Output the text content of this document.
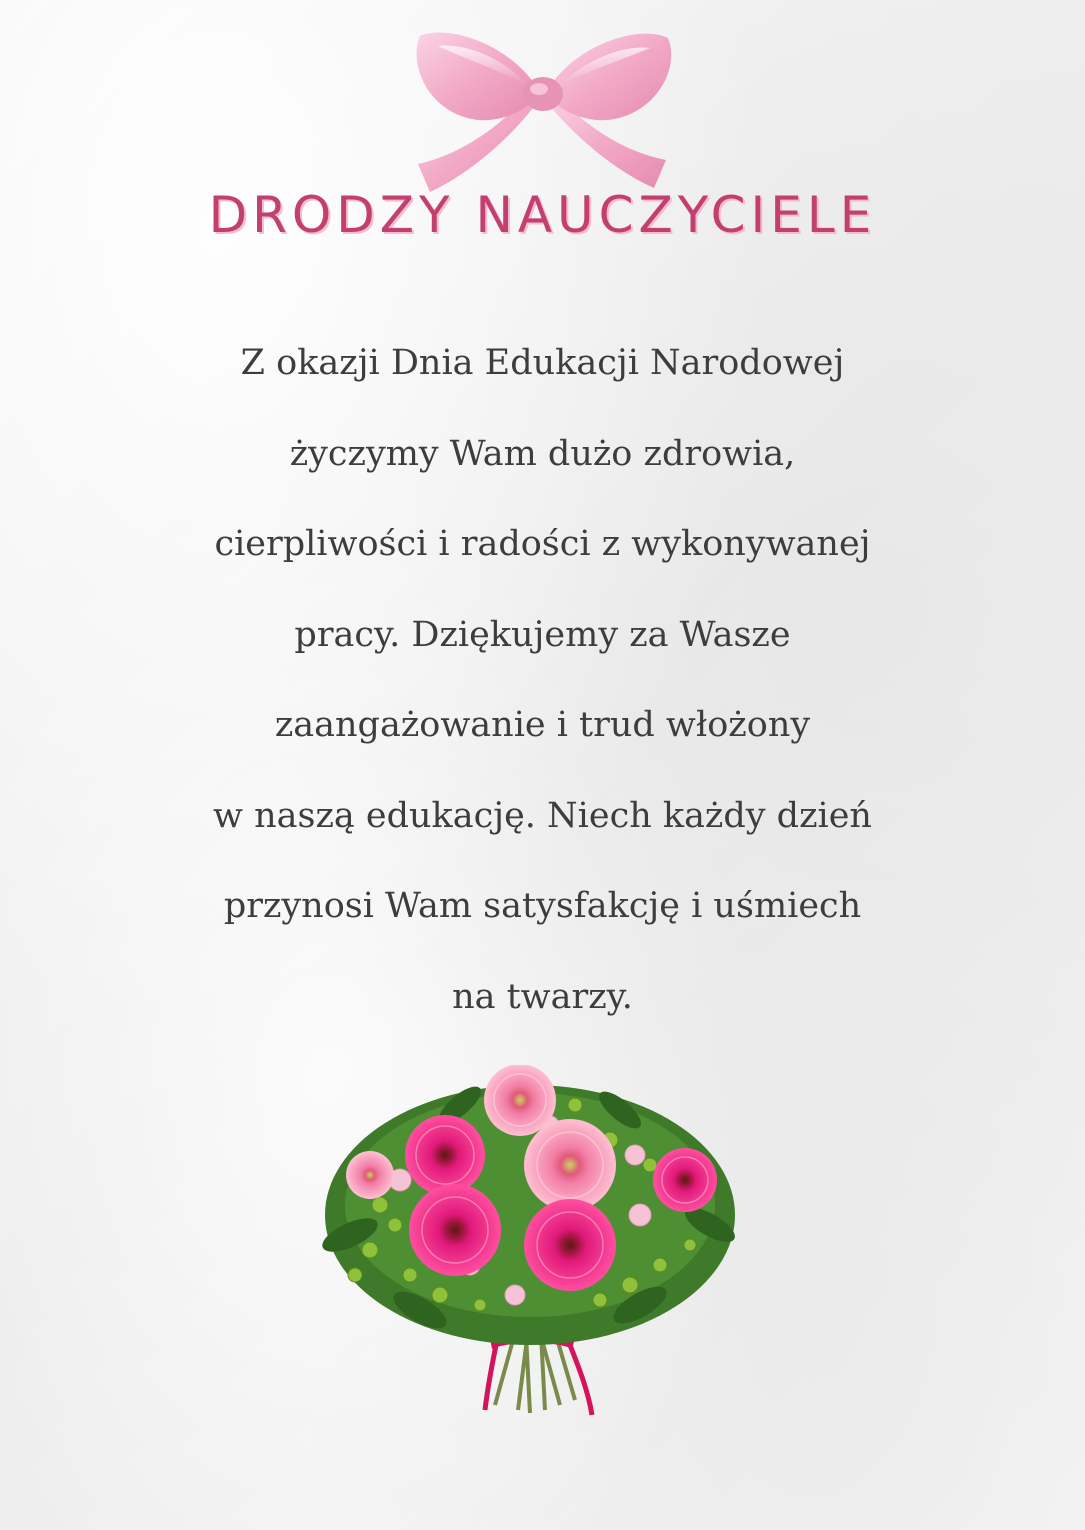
DRODZY NAUCZYCIELE
Z okazji Dnia Edukacji Narodowej
życzymy Wam dużo zdrowia,
cierpliwości i radości z wykonywanej
pracy. Dziękujemy za Wasze
zaangażowanie i trud włożony
w naszą edukację. Niech każdy dzień
przynosi Wam satysfakcję i uśmiech
na twarzy.
